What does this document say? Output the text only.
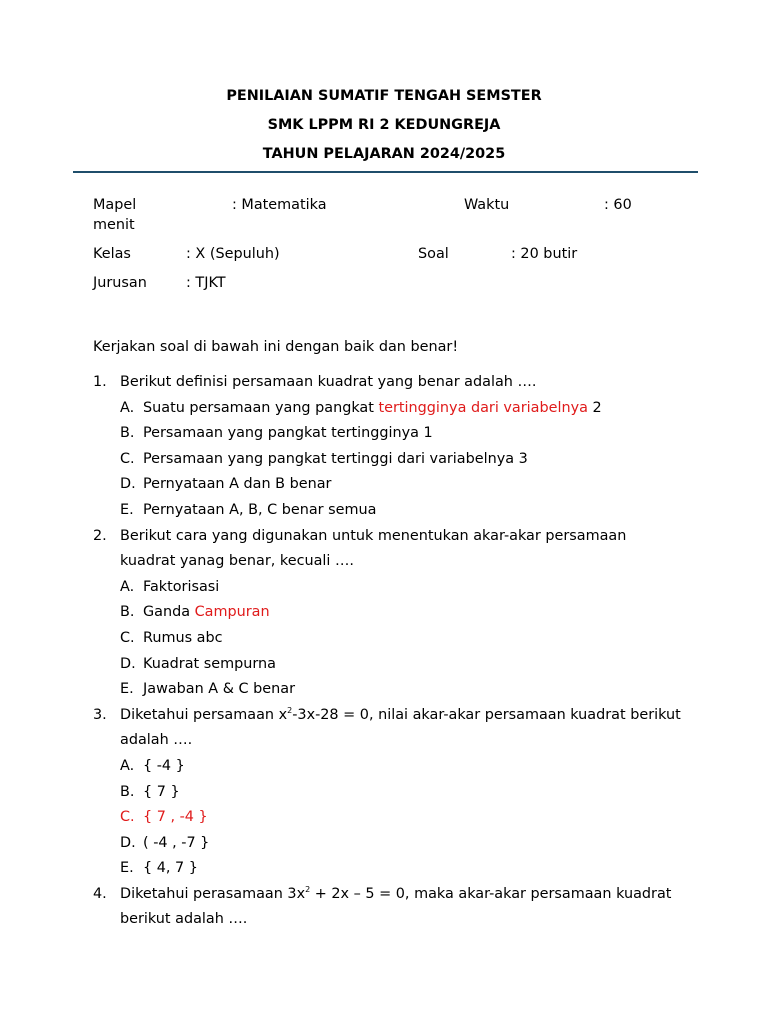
PENILAIAN SUMATIF TENGAH SEMSTER
SMK LPPM RI 2 KEDUNGREJA
TAHUN PELAJARAN 2024/2025
Mapel	: Matematika	Waktu	: 60
menit
Kelas	: X (Sepuluh)	Soal	: 20 butir
Jurusan	: TJKT
Kerjakan soal di bawah ini dengan baik dan benar!
1. Berikut definisi persamaan kuadrat yang benar adalah ….
A. Suatu persamaan yang pangkat tertingginya dari variabelnya 2
B. Persamaan yang pangkat tertingginya 1
C. Persamaan yang pangkat tertinggi dari variabelnya 3
D. Pernyataan A dan B benar
E. Pernyataan A, B, C benar semua
2. Berikut cara yang digunakan untuk menentukan akar-akar persamaan kuadrat yanag benar, kecuali ….
A. Faktorisasi
B. Ganda Campuran
C. Rumus abc
D. Kuadrat sempurna
E. Jawaban A & C benar
3. Diketahui persamaan $x^2-3x-28 = 0$, nilai akar-akar persamaan kuadrat berikut adalah ….
A. { -4 }
B. { 7 }
C. { 7 , -4 }
D. ( -4 , -7 }
E. { 4, 7 }
4. Diketahui perasamaan $3x^2 + 2x - 5 = 0$, maka akar-akar persamaan kuadrat berikut adalah ….
